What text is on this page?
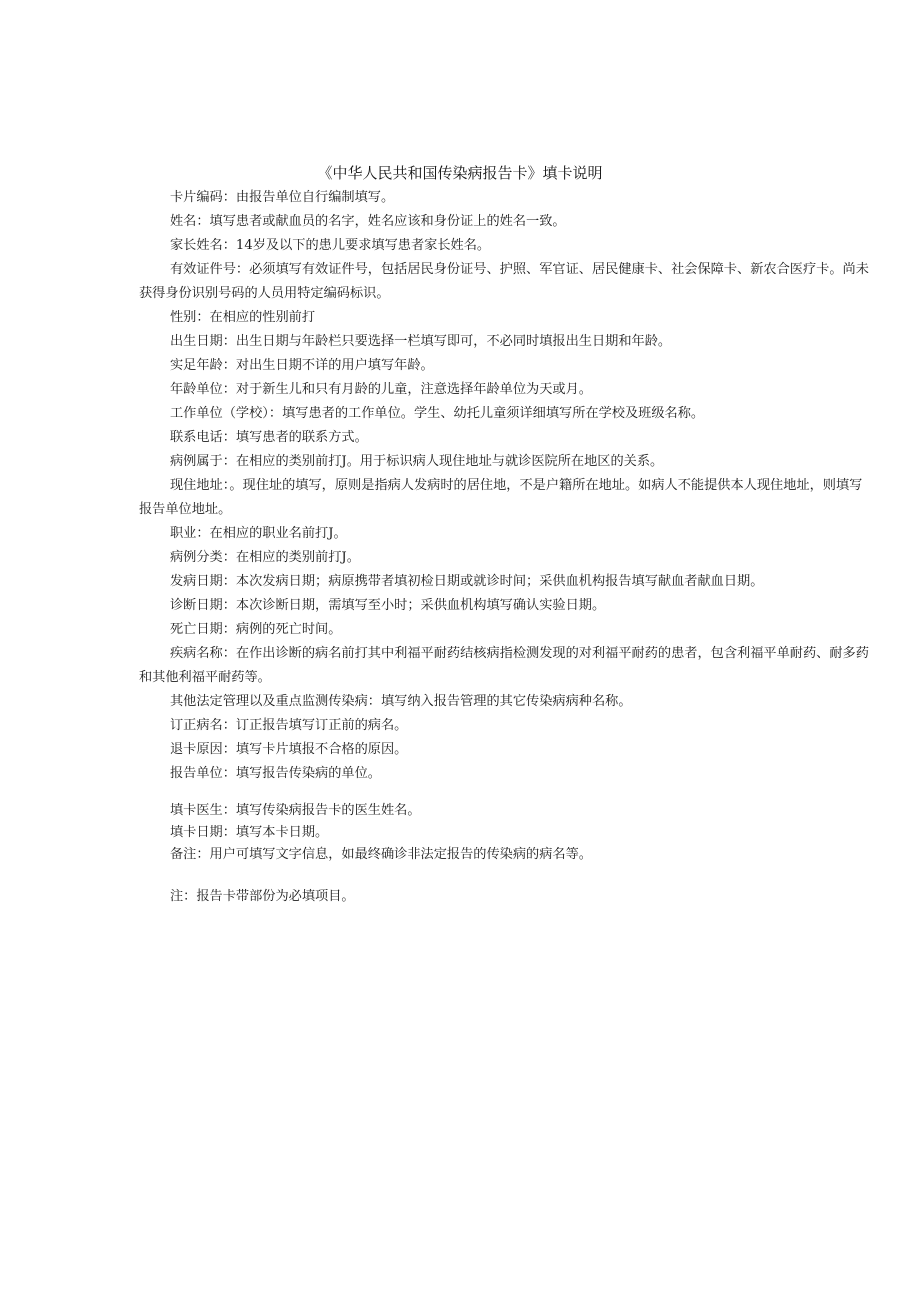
《中华人民共和国传染病报告卡》填卡说明

卡片编码：由报告单位自行编制填写。

姓名：填写患者或献血员的名字，姓名应该和身份证上的姓名一致。

家长姓名：14岁及以下的患儿要求填写患者家长姓名。

有效证件号：必须填写有效证件号，包括居民身份证号、护照、军官证、居民健康卡、社会保障卡、新农合医疗卡。尚未获得身份识别号码的人员用特定编码标识。

性别：在相应的性别前打

出生日期：出生日期与年龄栏只要选择一栏填写即可，不必同时填报出生日期和年龄。

实足年龄：对出生日期不详的用户填写年龄。

年龄单位：对于新生儿和只有月龄的儿童，注意选择年龄单位为天或月。

工作单位（学校）：填写患者的工作单位。学生、幼托儿童须详细填写所在学校及班级名称。

联系电话：填写患者的联系方式。

病例属于：在相应的类别前打J。用于标识病人现住地址与就诊医院所在地区的关系。

现住地址：。现住址的填写，原则是指病人发病时的居住地，不是户籍所在地址。如病人不能提供本人现住地址，则填写报告单位地址。

职业：在相应的职业名前打J。

病例分类：在相应的类别前打J。

发病日期：本次发病日期；病原携带者填初检日期或就诊时间；采供血机构报告填写献血者献血日期。

诊断日期：本次诊断日期，需填写至小时；采供血机构填写确认实验日期。

死亡日期：病例的死亡时间。

疾病名称：在作出诊断的病名前打其中利福平耐药结核病指检测发现的对利福平耐药的患者，包含利福平单耐药、耐多药和其他利福平耐药等。

其他法定管理以及重点监测传染病：填写纳入报告管理的其它传染病病种名称。

订正病名：订正报告填写订正前的病名。

退卡原因：填写卡片填报不合格的原因。

报告单位：填写报告传染病的单位。

填卡医生：填写传染病报告卡的医生姓名。

填卡日期：填写本卡日期。

备注：用户可填写文字信息，如最终确诊非法定报告的传染病的病名等。

注：报告卡带部份为必填项目。
